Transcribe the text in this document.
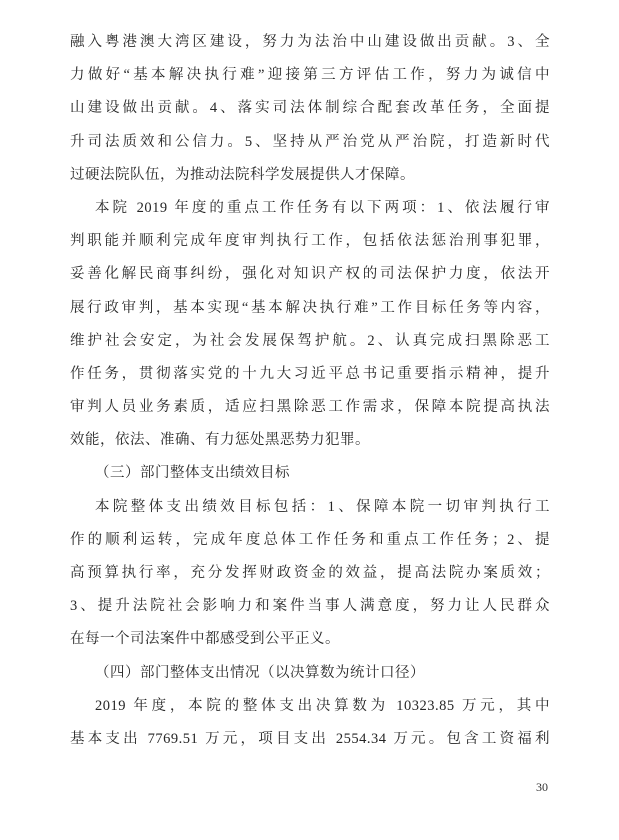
融入粤港澳大湾区建设，努力为法治中山建设做出贡献。3、全
力做好“基本解决执行难”迎接第三方评估工作，努力为诚信中
山建设做出贡献。4、落实司法体制综合配套改革任务，全面提
升司法质效和公信力。5、坚持从严治党从严治院，打造新时代
过硬法院队伍，为推动法院科学发展提供人才保障。
本院 2019 年度的重点工作任务有以下两项：1、依法履行审
判职能并顺利完成年度审判执行工作，包括依法惩治刑事犯罪，
妥善化解民商事纠纷，强化对知识产权的司法保护力度，依法开
展行政审判，基本实现“基本解决执行难”工作目标任务等内容，
维护社会安定，为社会发展保驾护航。2、认真完成扫黑除恶工
作任务，贯彻落实党的十九大习近平总书记重要指示精神，提升
审判人员业务素质，适应扫黑除恶工作需求，保障本院提高执法
效能，依法、准确、有力惩处黑恶势力犯罪。
（三）部门整体支出绩效目标
本院整体支出绩效目标包括：1、保障本院一切审判执行工
作的顺利运转，完成年度总体工作任务和重点工作任务；2、提
高预算执行率，充分发挥财政资金的效益，提高法院办案质效；
3、提升法院社会影响力和案件当事人满意度，努力让人民群众
在每一个司法案件中都感受到公平正义。
（四）部门整体支出情况（以决算数为统计口径）
2019 年度，本院的整体支出决算数为 10323.85 万元，其中
基本支出 7769.51 万元，项目支出 2554.34 万元。包含工资福利
30
